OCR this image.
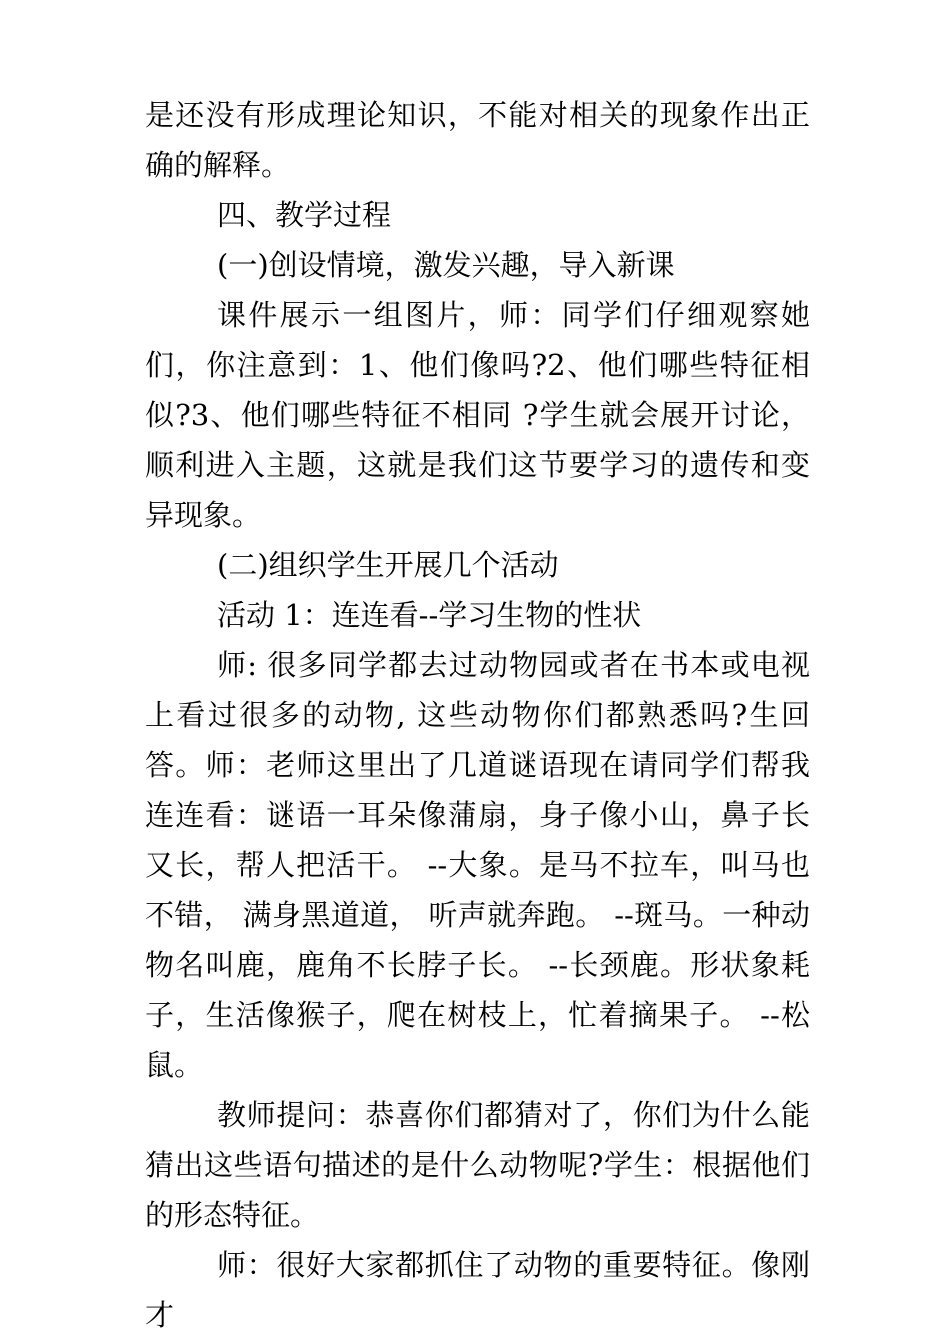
是还没有形成理论知识，不能对相关的现象作出正确的解释。

四、教学过程

(一)创设情境，激发兴趣，导入新课

课件展示一组图片，师：同学们仔细观察她们，你注意到：1、他们像吗?2、他们哪些特征相似?3、他们哪些特征不相同 ?学生就会展开讨论，顺利进入主题，这就是我们这节要学习的遗传和变异现象。

(二)组织学生开展几个活动

活动 1：连连看--学习生物的性状

师: 很多同学都去过动物园或者在书本或电视上看过很多的动物, 这些动物你们都熟悉吗?生回答。师：老师这里出了几道谜语现在请同学们帮我连连看：谜语一耳朵像蒲扇，身子像小山，鼻子长又长，帮人把活干。 --大象。是马不拉车，叫马也不错， 满身黑道道， 听声就奔跑。 --斑马。一种动物名叫鹿，鹿角不长脖子长。 --长颈鹿。形状象耗子，生活像猴子，爬在树枝上，忙着摘果子。 --松鼠。

教师提问：恭喜你们都猜对了，你们为什么能猜出这些语句描述的是什么动物呢?学生：根据他们的形态特征。

师：很好大家都抓住了动物的重要特征。像刚才
